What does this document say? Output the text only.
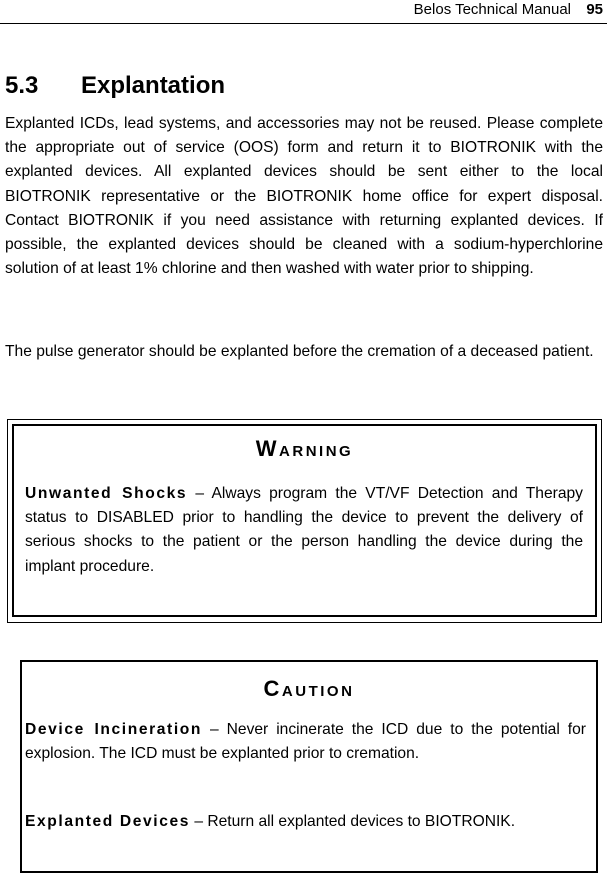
Belos Technical Manual 95
5.3 Explantation

Explanted ICDs, lead systems, and accessories may not be reused. Please complete the appropriate out of service (OOS) form and return it to BIOTRONIK with the explanted devices. All explanted devices should be sent either to the local BIOTRONIK representative or the BIOTRONIK home office for expert disposal. Contact BIOTRONIK if you need assistance with returning explanted devices. If possible, the explanted devices should be cleaned with a sodium-hyperchlorine solution of at least 1% chlorine and then washed with water prior to shipping.

The pulse generator should be explanted before the cremation of a deceased patient.

Warning

Unwanted Shocks – Always program the VT/VF Detection and Therapy status to DISABLED prior to handling the device to prevent the delivery of serious shocks to the patient or the person handling the device during the implant procedure.

Caution

Device Incineration – Never incinerate the ICD due to the potential for explosion. The ICD must be explanted prior to cremation.

Explanted Devices – Return all explanted devices to BIOTRONIK.
